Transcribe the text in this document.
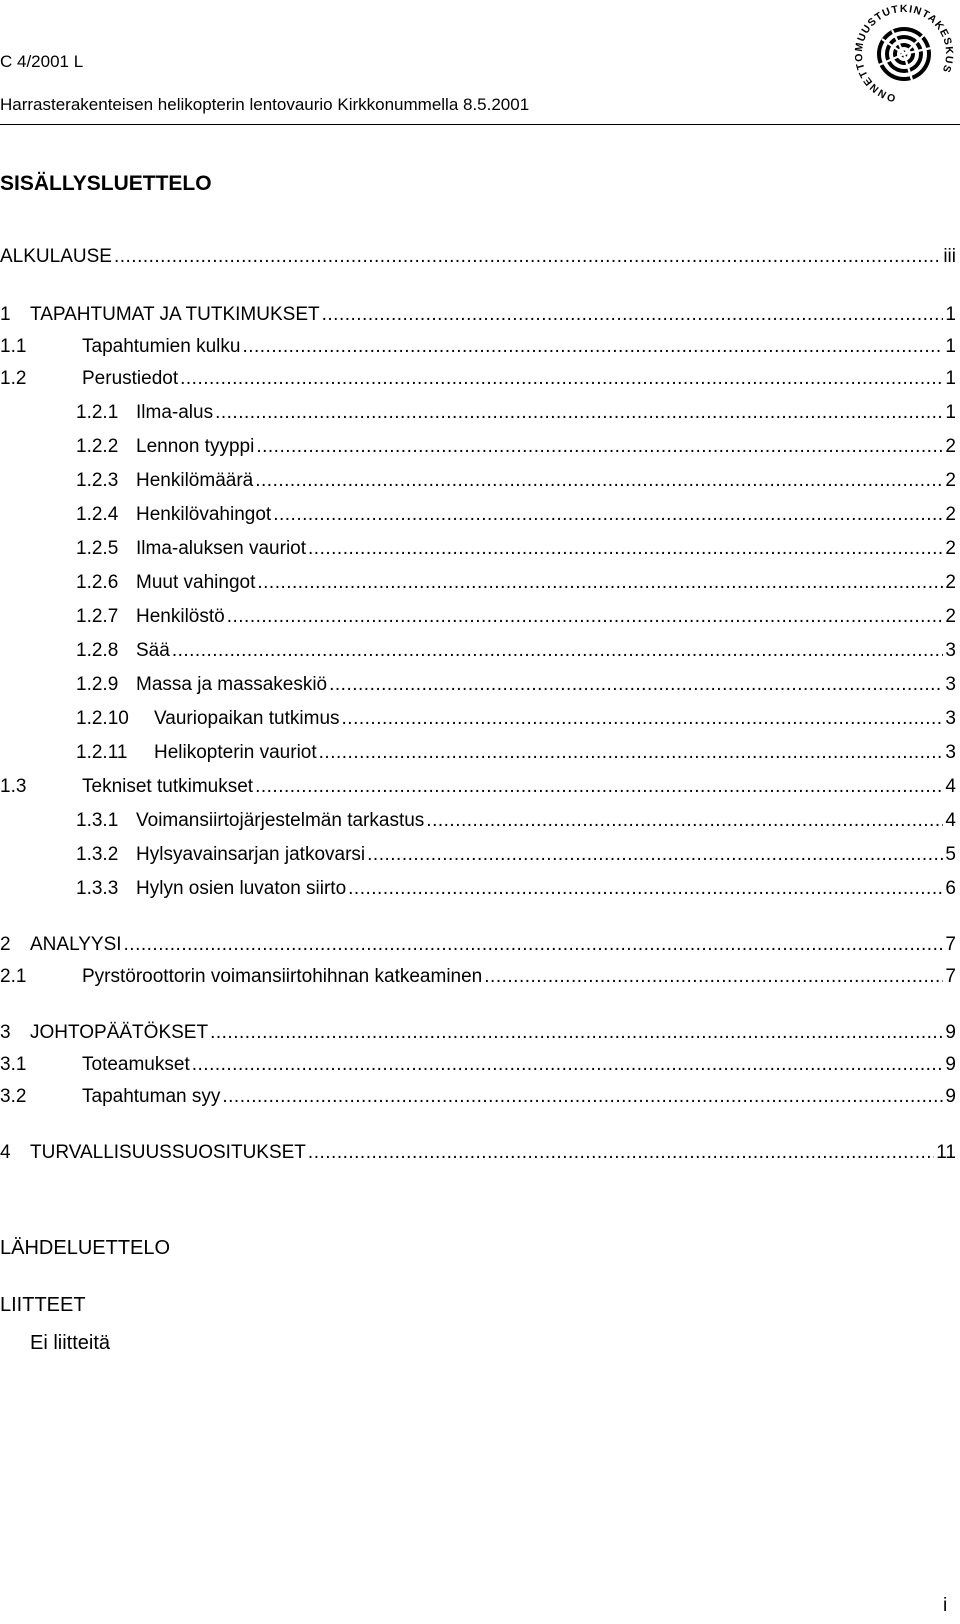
C 4/2001 L
Harrasterakenteisen helikopterin lentovaurio Kirkkonummella 8.5.2001	ONNETTOMUUSTUTKINTAKESKUS
SISÄLLYSLUETTELO
ALKULAUSE .....	iii
1	TAPAHTUMAT JA TUTKIMUKSET .....	1
1.1	Tapahtumien kulku .....	1
1.2	Perustiedot .....	1
1.2.1 Ilma-alus .....	1
1.2.2 Lennon tyyppi .....	2
1.2.3 Henkilömäärä .....	2
1.2.4 Henkilövahingot .....	2
1.2.5 Ilma-aluksen vauriot .....	2
1.2.6 Muut vahingot .....	2
1.2.7 Henkilöstö .....	2
1.2.8 Sää .....	3
1.2.9 Massa ja massakeskiö .....	3
1.2.10	Vauriopaikan tutkimus .....	3
1.2.11	Helikopterin vauriot .....	3
1.3	Tekniset tutkimukset .....	4
1.3.1 Voimansiirtojärjestelmän tarkastus .....	4
1.3.2 Hylsyavainsarjan jatkovarsi .....	5
1.3.3 Hylyn osien luvaton siirto .....	6
2	ANALYYSI .....	7
2.1	Pyrstöroottorin voimansiirtohihnan katkeaminen .....	7
3	JOHTOPÄÄTÖKSET .....	9
3.1	Toteamukset .....	9
3.2	Tapahtuman syy .....	9
4	TURVALLISUUSSUOSITUKSET .....	11
LÄHDELUETTELO
LIITTEET
Ei liitteitä
i
